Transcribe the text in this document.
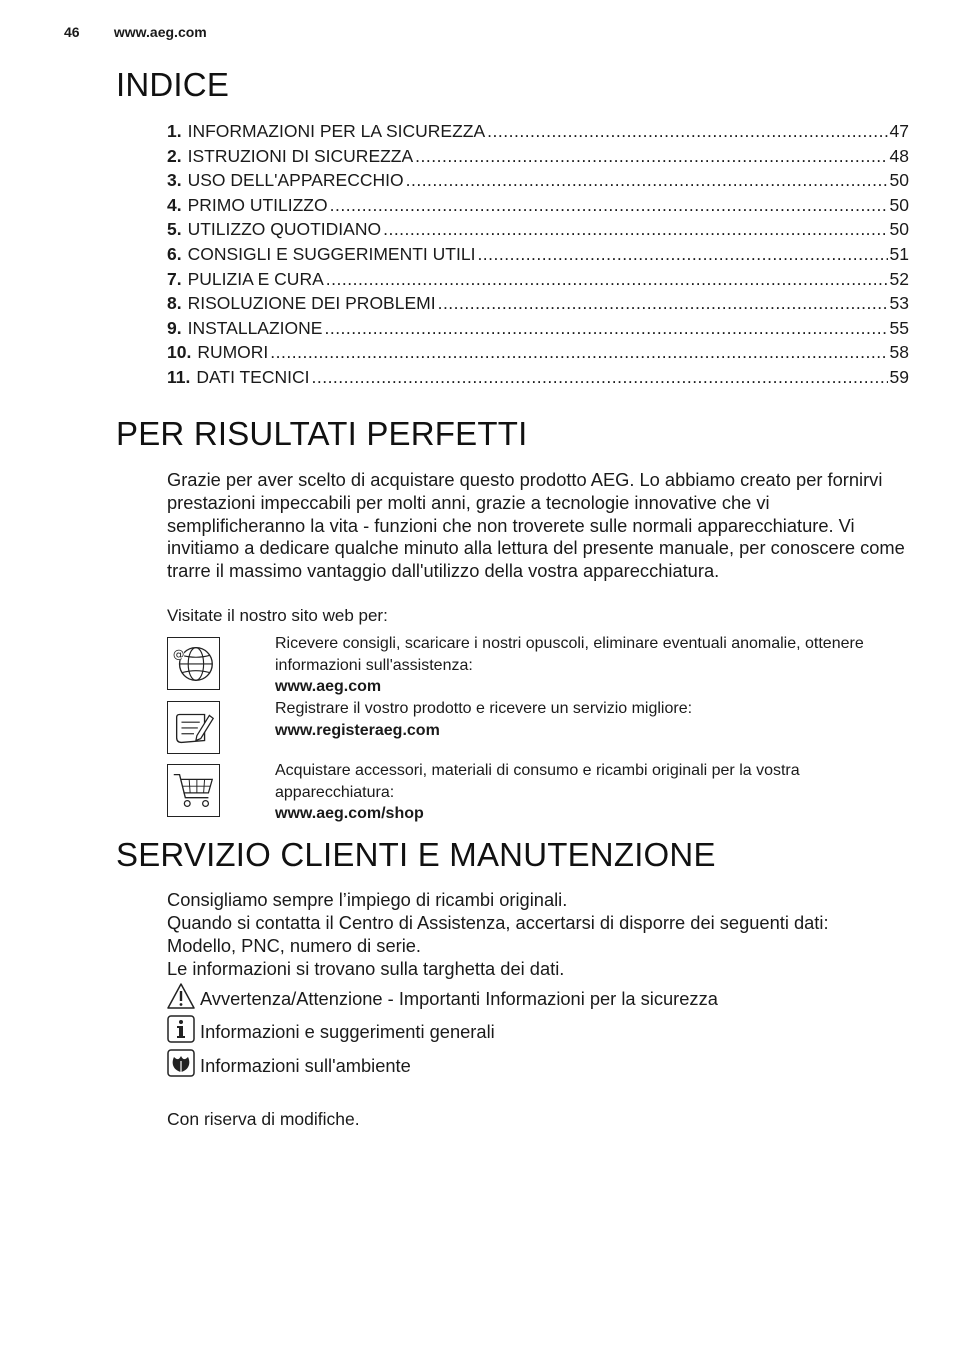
46 www.aeg.com
INDICE
1. INFORMAZIONI PER LA SICUREZZA .....	47
2. ISTRUZIONI DI SICUREZZA .....	48
3. USO DELL'APPARECCHIO .....	50
4. PRIMO UTILIZZO .....	50
5. UTILIZZO QUOTIDIANO .....	50
6. CONSIGLI E SUGGERIMENTI UTILI .....	51
7. PULIZIA E CURA .....	52
8. RISOLUZIONE DEI PROBLEMI .....	53
9. INSTALLAZIONE .....	55
10. RUMORI .....	58
11. DATI TECNICI .....	59
PER RISULTATI PERFETTI
Grazie per aver scelto di acquistare questo prodotto AEG. Lo abbiamo creato per fornirvi prestazioni impeccabili per molti anni, grazie a tecnologie innovative che vi semplificheranno la vita - funzioni che non troverete sulle normali apparecchiature. Vi invitiamo a dedicare qualche minuto alla lettura del presente manuale, per conoscere come trarre il massimo vantaggio dall'utilizzo della vostra apparecchiatura.
Visitate il nostro sito web per:
@
Ricevere consigli, scaricare i nostri opuscoli, eliminare eventuali anomalie, ottenere informazioni sull'assistenza:
www.aeg.com
Registrare il vostro prodotto e ricevere un servizio migliore:
www.registeraeg.com
Acquistare accessori, materiali di consumo e ricambi originali per la vostra apparecchiatura:
www.aeg.com/shop
SERVIZIO CLIENTI E MANUTENZIONE
Consigliamo sempre l’impiego di ricambi originali.
Quando si contatta il Centro di Assistenza, accertarsi di disporre dei seguenti dati: Modello, PNC, numero di serie.
Le informazioni si trovano sulla targhetta dei dati.
Avvertenza/Attenzione - Importanti Informazioni per la sicurezza
Informazioni e suggerimenti generali
Informazioni sull'ambiente
Con riserva di modifiche.
